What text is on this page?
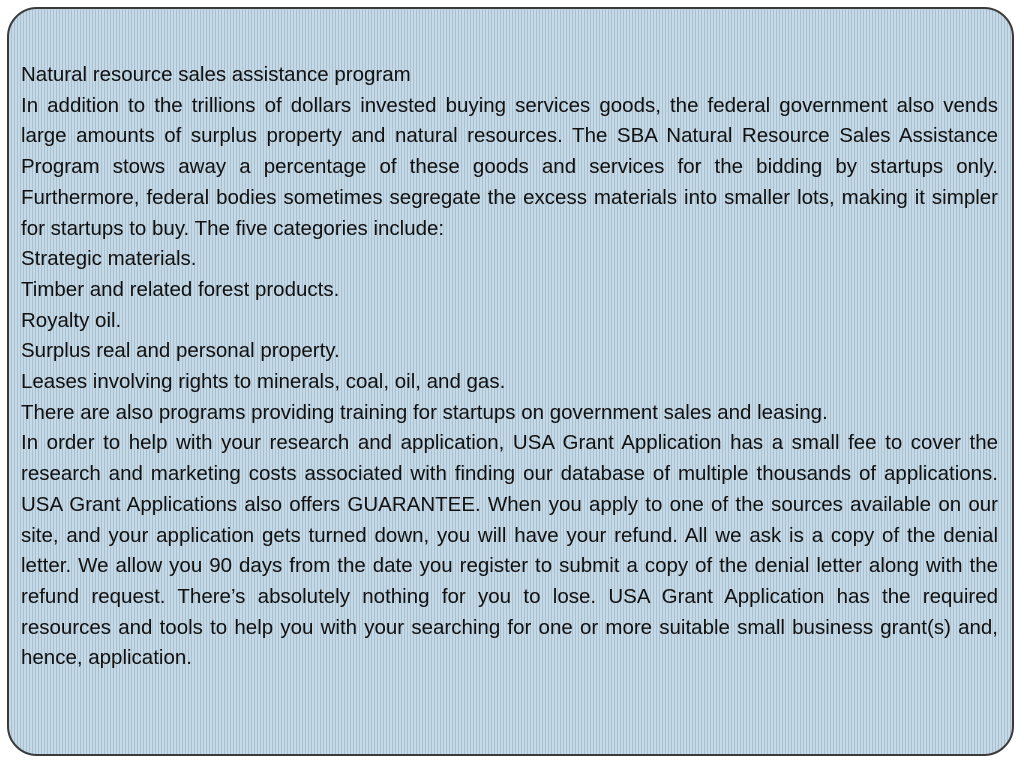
Natural resource sales assistance program

In addition to the trillions of dollars invested buying services goods, the federal government also vends large amounts of surplus property and natural resources. The SBA Natural Resource Sales Assistance Program stows away a percentage of these goods and services for the bidding by startups only. Furthermore, federal bodies sometimes segregate the excess materials into smaller lots, making it simpler for startups to buy. The five categories include:

Strategic materials.

Timber and related forest products.

Royalty oil.

Surplus real and personal property.

Leases involving rights to minerals, coal, oil, and gas.

There are also programs providing training for startups on government sales and leasing.

In order to help with your research and application, USA Grant Application has a small fee to cover the research and marketing costs associated with finding our database of multiple thousands of applications. USA Grant Applications also offers GUARANTEE. When you apply to one of the sources available on our site, and your application gets turned down, you will have your refund. All we ask is a copy of the denial letter. We allow you 90 days from the date you register to submit a copy of the denial letter along with the refund request. There’s absolutely nothing for you to lose. USA Grant Application has the required resources and tools to help you with your searching for one or more suitable small business grant(s) and, hence, application.
